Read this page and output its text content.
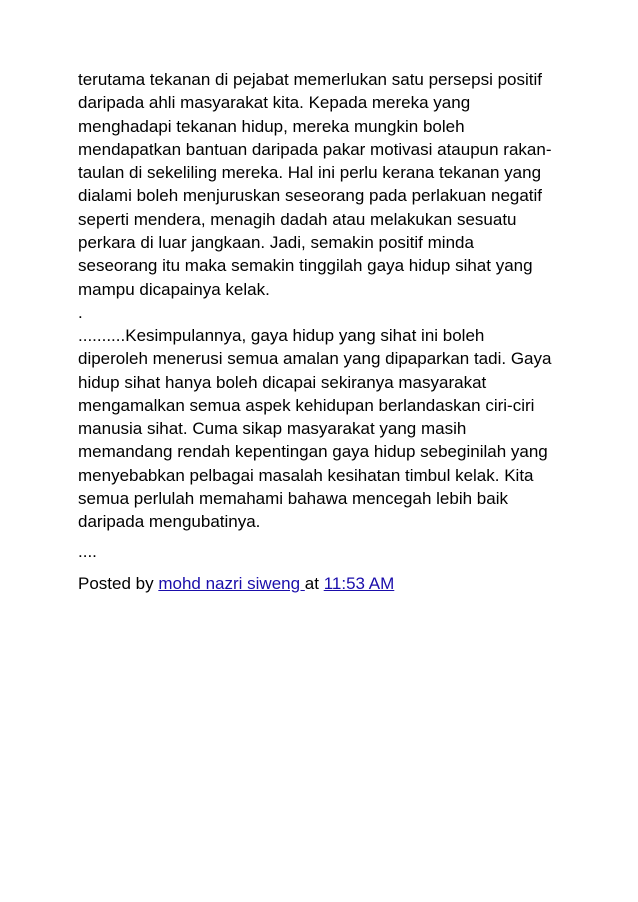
terutama tekanan di pejabat memerlukan satu persepsi positif
daripada ahli masyarakat kita. Kepada mereka yang
menghadapi tekanan hidup, mereka mungkin boleh
mendapatkan bantuan daripada pakar motivasi ataupun rakan-
taulan di sekeliling mereka. Hal ini perlu kerana tekanan yang
dialami boleh menjuruskan seseorang pada perlakuan negatif
seperti mendera, menagih dadah atau melakukan sesuatu
perkara di luar jangkaan. Jadi, semakin positif minda
seseorang itu maka semakin tinggilah gaya hidup sihat yang
mampu dicapainya kelak.

.

..........Kesimpulannya, gaya hidup yang sihat ini boleh
diperoleh menerusi semua amalan yang dipaparkan tadi. Gaya
hidup sihat hanya boleh dicapai sekiranya masyarakat
mengamalkan semua aspek kehidupan berlandaskan ciri-ciri
manusia sihat. Cuma sikap masyarakat yang masih
memandang rendah kepentingan gaya hidup sebeginilah yang
menyebabkan pelbagai masalah kesihatan timbul kelak. Kita
semua perlulah memahami bahawa mencegah lebih baik
daripada mengubatinya.

....

Posted by mohd nazri siweng at 11:53 AM
